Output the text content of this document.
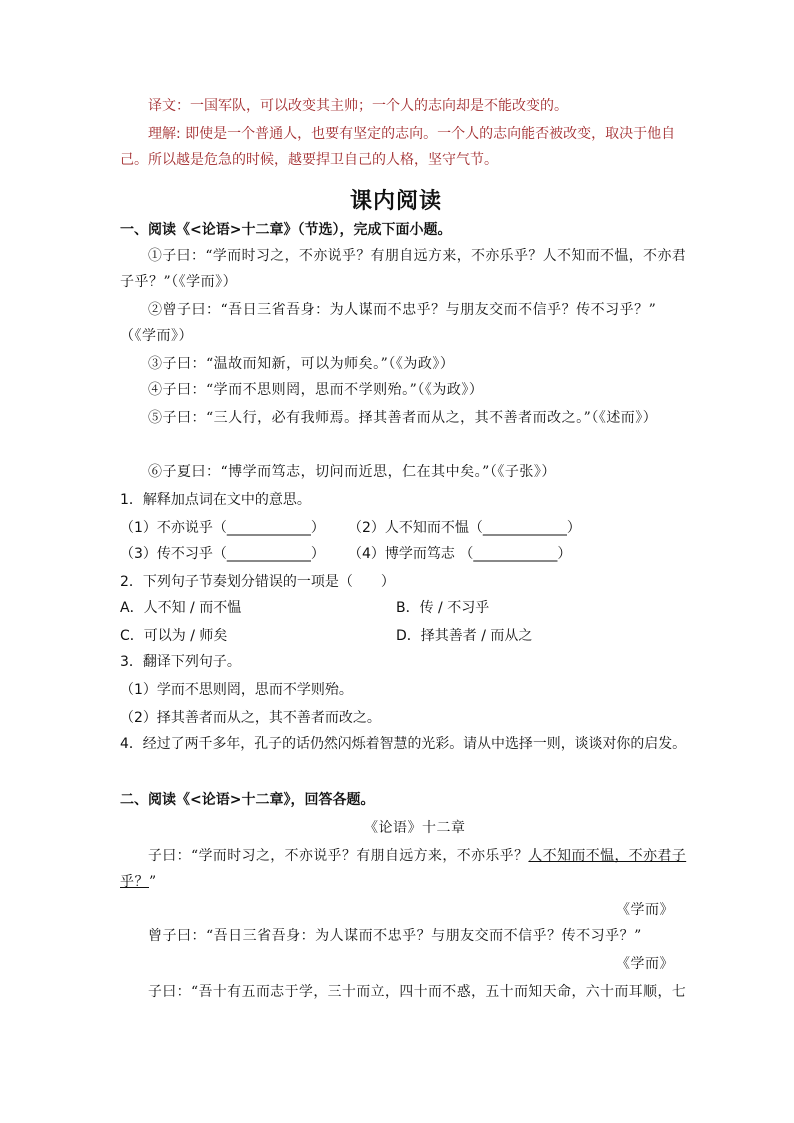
译文：一国军队，可以改变其主帅；一个人的志向却是不能改变的。
理解: 即使是一个普通人，也要有坚定的志向。一个人的志向能否被改变，取决于他自
己。所以越是危急的时候，越要捍卫自己的人格，坚守气节。
课内阅读
一、阅读《<论语>十二章》（节选），完成下面小题。
①子曰：“学而时习之，不亦说乎？有朋自远方来，不亦乐乎？人不知而不愠，不亦君
子乎？”（《学而》）
②曾子曰：“吾日三省吾身：为人谋而不忠乎？与朋友交而不信乎？传不习乎？”
（《学而》）
③子曰：“温故而知新，可以为师矣。”（《为政》）
④子曰：“学而不思则罔，思而不学则殆。”（《为政》）
⑤子曰：“三人行，必有我师焉。择其善者而从之，其不善者而改之。”（《述而》）
⑥子夏曰：“博学而笃志，切问而近思，仁在其中矣。”（《子张》）
1．解释加点词在文中的意思。
（1）不亦说乎（____________） （2）人不知而不愠（____________）
（3）传不习乎（____________） （4）博学而笃志 （____________）
2．下列句子节奏划分错误的一项是（　　）
A．人不知 / 而不愠	B．传 / 不习乎
C．可以为 / 师矣	D．择其善者 / 而从之
3．翻译下列句子。
（1）学而不思则罔，思而不学则殆。
（2）择其善者而从之，其不善者而改之。
4．经过了两千多年，孔子的话仍然闪烁着智慧的光彩。请从中选择一则，谈谈对你的启发。
二、阅读《<论语>十二章》，回答各题。
《论语》十二章
子曰：“学而时习之，不亦说乎？有朋自远方来，不亦乐乎？人不知而不愠，不亦君子
乎？”
《学而》
曾子曰：“吾日三省吾身：为人谋而不忠乎？与朋友交而不信乎？传不习乎？”
《学而》
子曰：“吾十有五而志于学，三十而立，四十而不惑，五十而知天命，六十而耳顺，七
